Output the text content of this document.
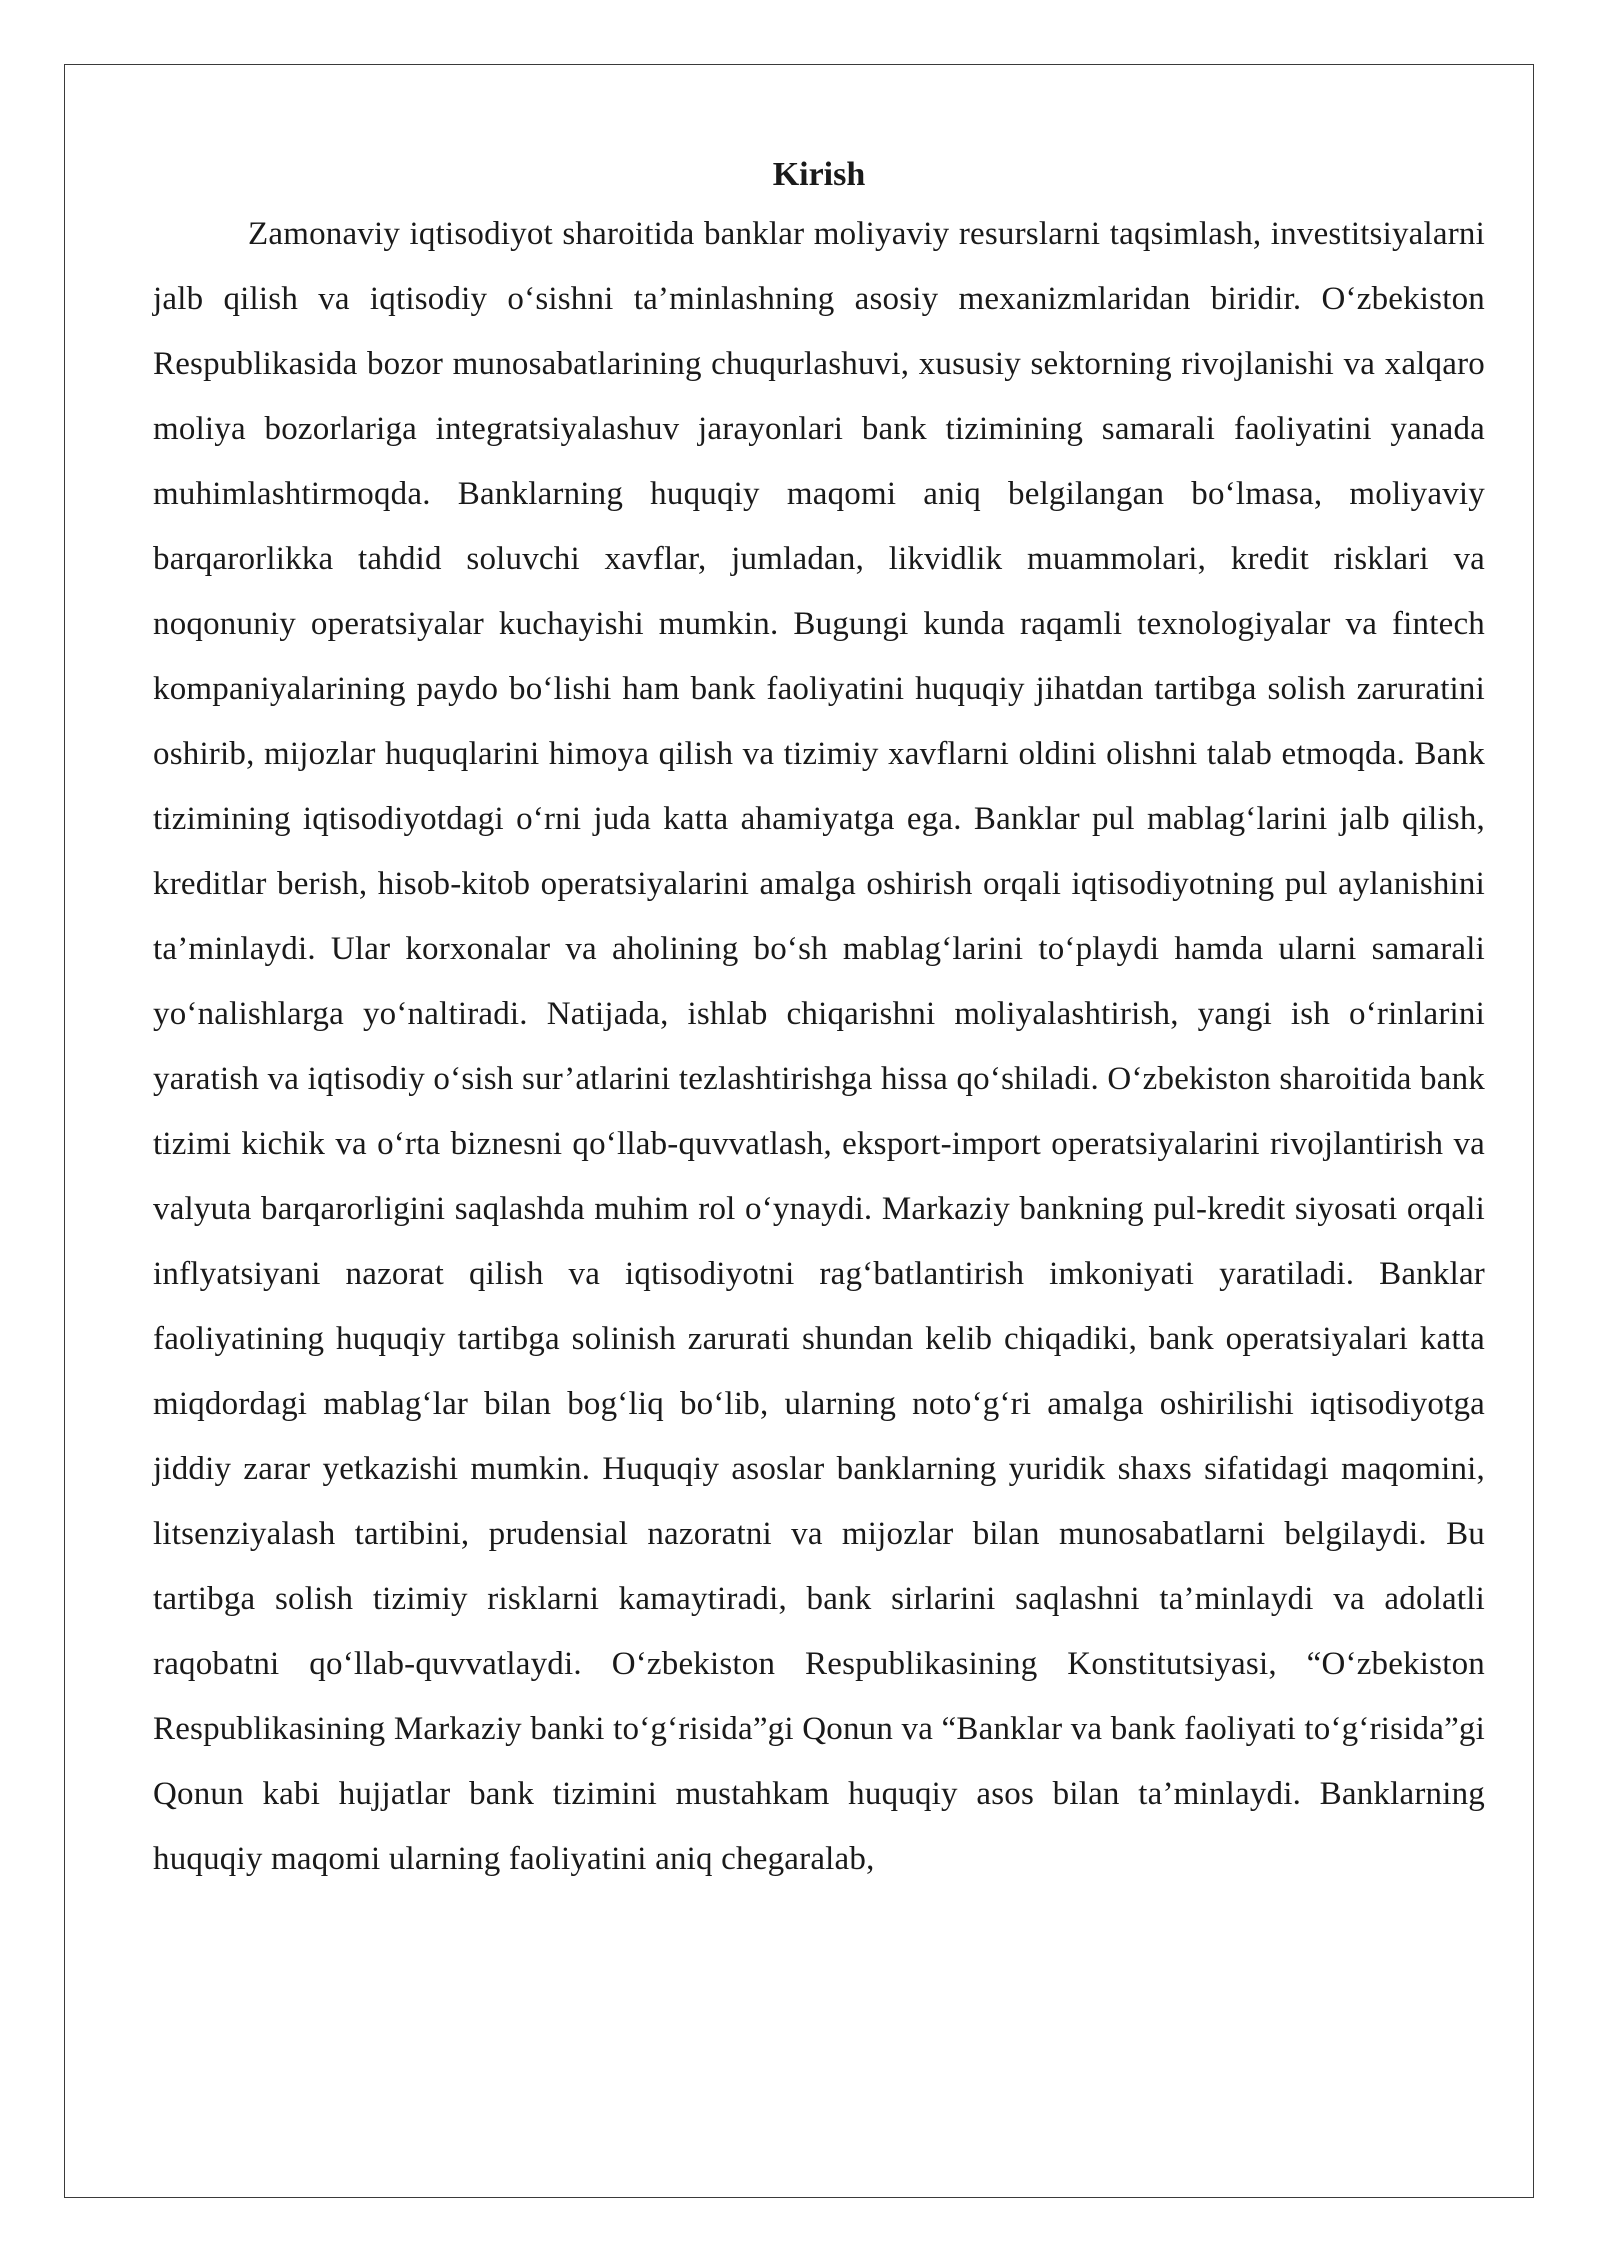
Kirish

Zamonaviy iqtisodiyot sharoitida banklar moliyaviy resurslarni taqsimlash, investitsiyalarni jalb qilish va iqtisodiy o‘sishni ta’minlashning asosiy mexanizmlaridan biridir. O‘zbekiston Respublikasida bozor munosabatlarining chuqurlashuvi, xususiy sektorning rivojlanishi va xalqaro moliya bozorlariga integratsiyalashuv jarayonlari bank tizimining samarali faoliyatini yanada muhimlashtirmoqda. Banklarning huquqiy maqomi aniq belgilangan bo‘lmasa, moliyaviy barqarorlikka tahdid soluvchi xavflar, jumladan, likvidlik muammolari, kredit risklari va noqonuniy operatsiyalar kuchayishi mumkin. Bugungi kunda raqamli texnologiyalar va fintech kompaniyalarining paydo bo‘lishi ham bank faoliyatini huquqiy jihatdan tartibga solish zaruratini oshirib, mijozlar huquqlarini himoya qilish va tizimiy xavflarni oldini olishni talab etmoqda. Bank tizimining iqtisodiyotdagi o‘rni juda katta ahamiyatga ega. Banklar pul mablag‘larini jalb qilish, kreditlar berish, hisob-kitob operatsiyalarini amalga oshirish orqali iqtisodiyotning pul aylanishini ta’minlaydi. Ular korxonalar va aholining bo‘sh mablag‘larini to‘playdi hamda ularni samarali yo‘nalishlarga yo‘naltiradi. Natijada, ishlab chiqarishni moliyalashtirish, yangi ish o‘rinlarini yaratish va iqtisodiy o‘sish sur’atlarini tezlashtirishga hissa qo‘shiladi. O‘zbekiston sharoitida bank tizimi kichik va o‘rta biznesni qo‘llab-quvvatlash, eksport-import operatsiyalarini rivojlantirish va valyuta barqarorligini saqlashda muhim rol o‘ynaydi. Markaziy bankning pul-kredit siyosati orqali inflyatsiyani nazorat qilish va iqtisodiyotni rag‘batlantirish imkoniyati yaratiladi. Banklar faoliyatining huquqiy tartibga solinish zarurati shundan kelib chiqadiki, bank operatsiyalari katta miqdordagi mablag‘lar bilan bog‘liq bo‘lib, ularning noto‘g‘ri amalga oshirilishi iqtisodiyotga jiddiy zarar yetkazishi mumkin. Huquqiy asoslar banklarning yuridik shaxs sifatidagi maqomini, litsenziyalash tartibini, prudensial nazoratni va mijozlar bilan munosabatlarni belgilaydi. Bu tartibga solish tizimiy risklarni kamaytiradi, bank sirlarini saqlashni ta’minlaydi va adolatli raqobatni qo‘llab-quvvatlaydi. O‘zbekiston Respublikasining Konstitutsiyasi, “O‘zbekiston Respublikasining Markaziy banki to‘g‘risida”gi Qonun va “Banklar va bank faoliyati to‘g‘risida”gi Qonun kabi hujjatlar bank tizimini mustahkam huquqiy asos bilan ta’minlaydi. Banklarning huquqiy maqomi ularning faoliyatini aniq chegaralab,
